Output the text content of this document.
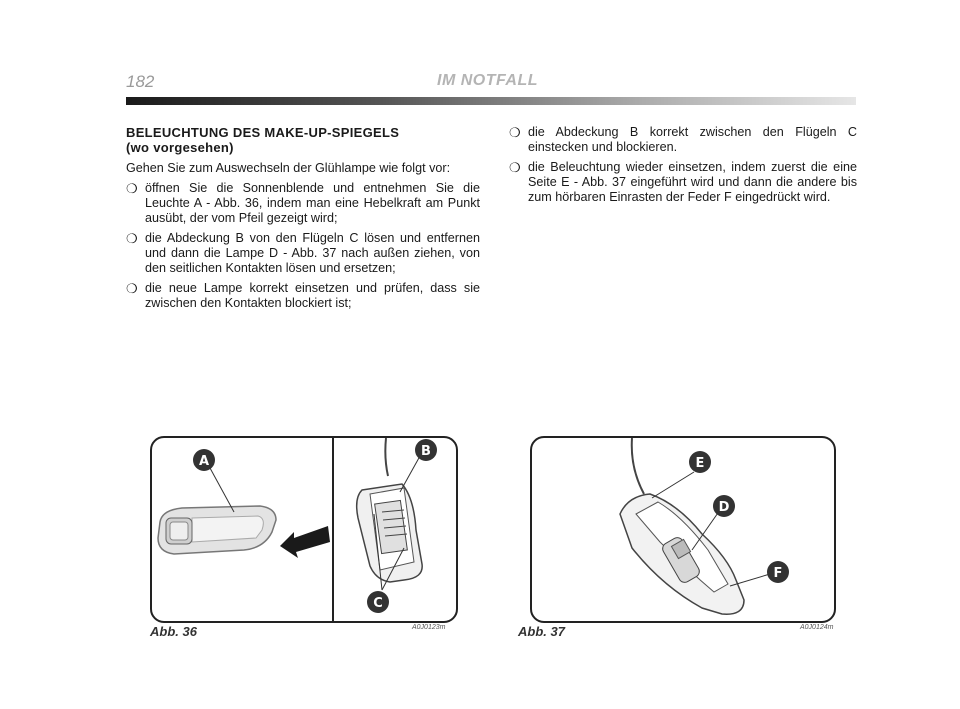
182	IM NOTFALL
BELEUCHTUNG DES MAKE-UP-SPIEGELS
(wo vorgesehen)
Gehen Sie zum Auswechseln der Glühlampe wie folgt vor:
❍ öffnen Sie die Sonnenblende und entnehmen Sie die Leuchte A - Abb. 36, indem man eine Hebelkraft am Punkt ausübt, der vom Pfeil gezeigt wird;
❍ die Abdeckung B von den Flügeln C lösen und entfernen und dann die Lampe D - Abb. 37 nach außen ziehen, von den seitlichen Kontakten lösen und ersetzen;
❍ die neue Lampe korrekt einsetzen und prüfen, dass sie zwischen den Kontakten blockiert ist;
❍ die Abdeckung B korrekt zwischen den Flügeln C einstecken und blockieren.
❍ die Beleuchtung wieder einsetzen, indem zuerst die eine Seite E - Abb. 37 eingeführt wird und dann die andere bis zum hörbaren Einrasten der Feder F eingedrückt wird.
A
B
C
Abb. 36	A0J0123m
E
D
F
Abb. 37	A0J0124m
